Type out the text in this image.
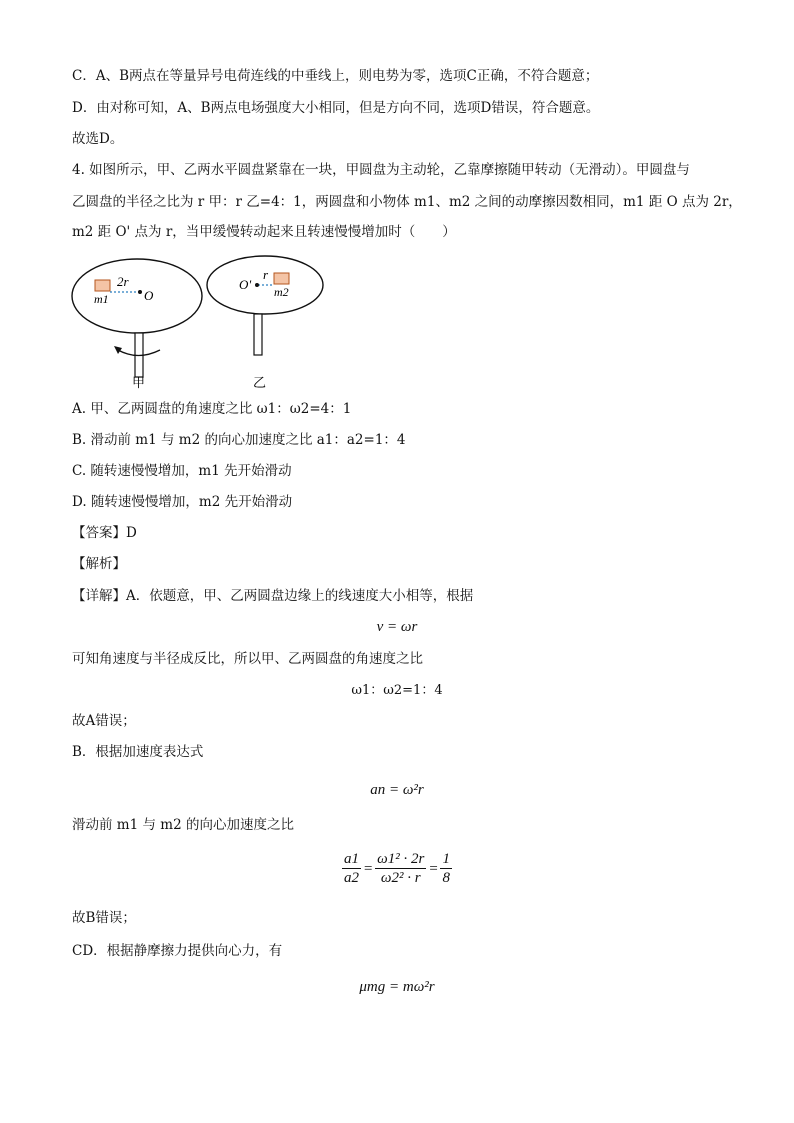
C．A、B两点在等量异号电荷连线的中垂线上，则电势为零，选项C正确，不符合题意；
D．由对称可知，A、B两点电场强度大小相同，但是方向不同，选项D错误，符合题意。
故选D。
4. 如图所示，甲、乙两水平圆盘紧靠在一块，甲圆盘为主动轮，乙靠摩擦随甲转动（无滑动）。甲圆盘与
乙圆盘的半径之比为 r 甲：r 乙=4：1，两圆盘和小物体 m1、m2 之间的动摩擦因数相同，m1 距 O 点为 2r，
m2 距 O' 点为 r，当甲缓慢转动起来且转速慢慢增加时（　　）
2r
m1	O
O'
r
m2
甲	乙
A. 甲、乙两圆盘的角速度之比 ω1：ω2=4：1
B. 滑动前 m1 与 m2 的向心加速度之比 a1：a2=1：4
C. 随转速慢慢增加，m1 先开始滑动
D. 随转速慢慢增加，m2 先开始滑动
【答案】D
【解析】
【详解】A．依题意，甲、乙两圆盘边缘上的线速度大小相等，根据
v = ωr
可知角速度与半径成反比，所以甲、乙两圆盘的角速度之比
ω1：ω2=1：4
故A错误；
B．根据加速度表达式
an = ω²r
滑动前 m1 与 m2 的向心加速度之比
$\frac{a1}{a2} = \frac{\text{ω1² · 2r}}{\text{ω2² · r}} = \frac{1}{8}$
故B错误；
CD．根据静摩擦力提供向心力，有
μmg = mω²r
